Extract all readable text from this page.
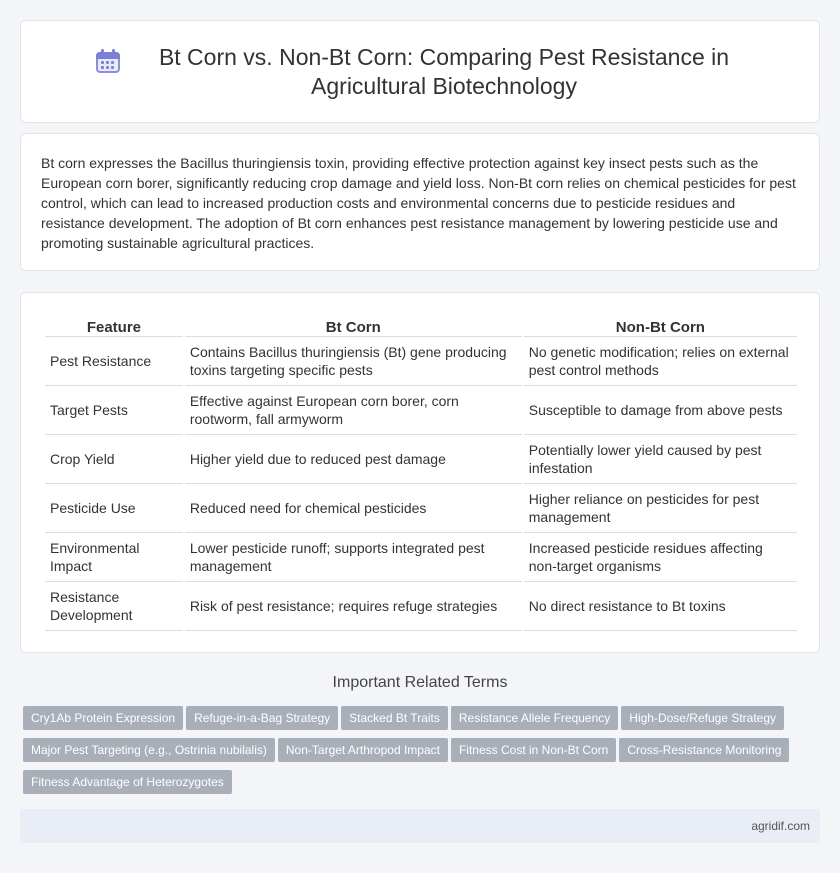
Bt Corn vs. Non-Bt Corn: Comparing Pest Resistance in Agricultural Biotechnology

Bt corn expresses the Bacillus thuringiensis toxin, providing effective protection against key insect pests such as the European corn borer, significantly reducing crop damage and yield loss. Non-Bt corn relies on chemical pesticides for pest control, which can lead to increased production costs and environmental concerns due to pesticide residues and resistance development. The adoption of Bt corn enhances pest resistance management by lowering pesticide use and promoting sustainable agricultural practices.

Feature	Bt Corn	Non-Bt Corn
Pest Resistance	Contains Bacillus thuringiensis (Bt) gene producing toxins targeting specific pests	No genetic modification; relies on external pest control methods
Target Pests	Effective against European corn borer, corn rootworm, fall armyworm	Susceptible to damage from above pests
Crop Yield	Higher yield due to reduced pest damage	Potentially lower yield caused by pest infestation
Pesticide Use	Reduced need for chemical pesticides	Higher reliance on pesticides for pest management
Environmental Impact	Lower pesticide runoff; supports integrated pest management	Increased pesticide residues affecting non-target organisms
Resistance Development	Risk of pest resistance; requires refuge strategies	No direct resistance to Bt toxins
Important Related Terms
Cry1Ab Protein Expression Refuge-in-a-Bag Strategy Stacked Bt Traits Resistance Allele Frequency High-Dose/Refuge Strategy
Major Pest Targeting (e.g., Ostrinia nubilalis) Non-Target Arthropod Impact Fitness Cost in Non-Bt Corn Cross-Resistance Monitoring
Fitness Advantage of Heterozygotes
agridif.com
